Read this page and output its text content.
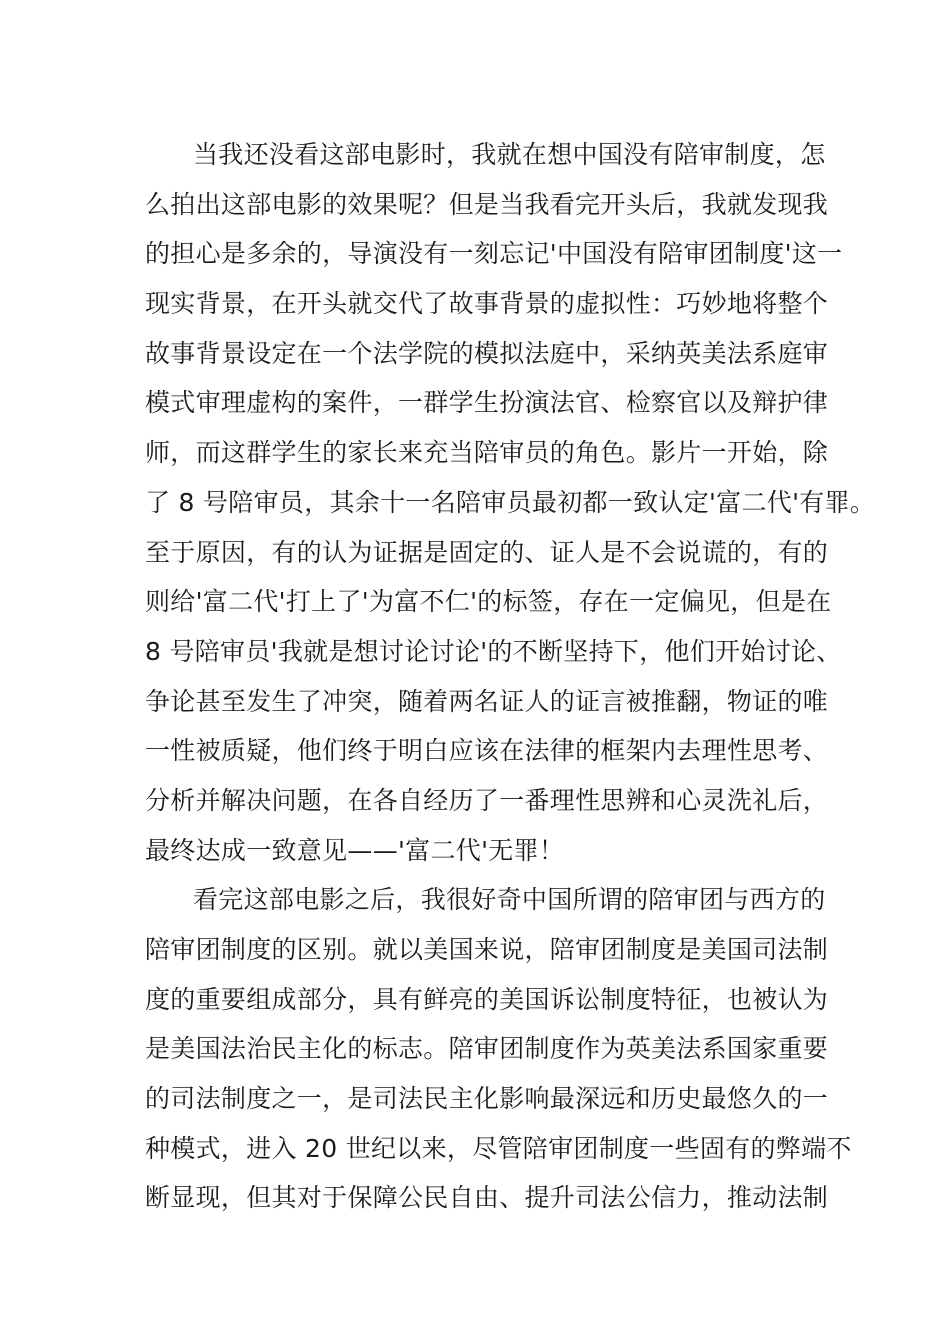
当我还没看这部电影时，我就在想中国没有陪审制度，怎
么拍出这部电影的效果呢？但是当我看完开头后，我就发现我
的担心是多余的，导演没有一刻忘记'中国没有陪审团制度'这一
现实背景，在开头就交代了故事背景的虚拟性：巧妙地将整个
故事背景设定在一个法学院的模拟法庭中，采纳英美法系庭审
模式审理虚构的案件，一群学生扮演法官、检察官以及辩护律
师，而这群学生的家长来充当陪审员的角色。影片一开始，除
了 8 号陪审员，其余十一名陪审员最初都一致认定'富二代'有罪。
至于原因，有的认为证据是固定的、证人是不会说谎的，有的
则给'富二代'打上了'为富不仁'的标签，存在一定偏见，但是在
8 号陪审员'我就是想讨论讨论'的不断坚持下，他们开始讨论、
争论甚至发生了冲突，随着两名证人的证言被推翻，物证的唯
一性被质疑，他们终于明白应该在法律的框架内去理性思考、
分析并解决问题，在各自经历了一番理性思辨和心灵洗礼后，
最终达成一致意见——'富二代'无罪！
看完这部电影之后，我很好奇中国所谓的陪审团与西方的
陪审团制度的区别。就以美国来说，陪审团制度是美国司法制
度的重要组成部分，具有鲜亮的美国诉讼制度特征，也被认为
是美国法治民主化的标志。陪审团制度作为英美法系国家重要
的司法制度之一，是司法民主化影响最深远和历史最悠久的一
种模式，进入 20 世纪以来，尽管陪审团制度一些固有的弊端不
断显现，但其对于保障公民自由、提升司法公信力，推动法制
